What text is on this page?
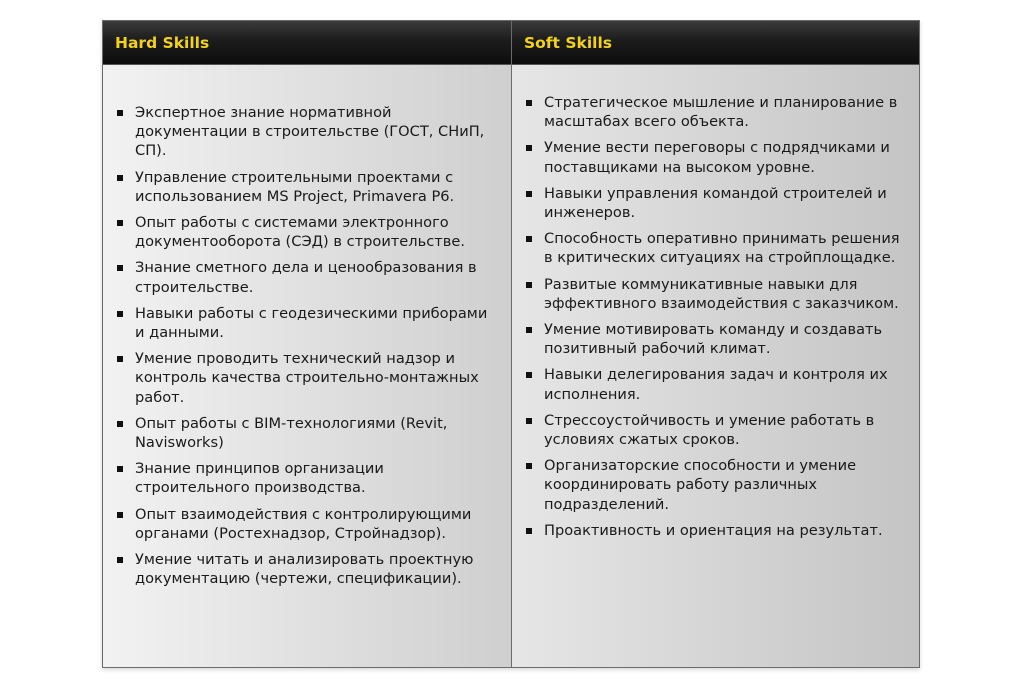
Hard Skills
Экспертное знание нормативной документации в строительстве (ГОСТ, СНиП, СП).
Управление строительными проектами с использованием MS Project, Primavera P6.
Опыт работы с системами электронного документооборота (СЭД) в строительстве.
Знание сметного дела и ценообразования в строительстве.
Навыки работы с геодезическими приборами и данными.
Умение проводить технический надзор и контроль качества строительно-монтажных работ.
Опыт работы с BIM-технологиями (Revit, Navisworks)
Знание принципов организации строительного производства.
Опыт взаимодействия с контролирующими органами (Ростехнадзор, Стройнадзор).
Умение читать и анализировать проектную документацию (чертежи, спецификации).
Soft Skills
Стратегическое мышление и планирование в масштабах всего объекта.
Умение вести переговоры с подрядчиками и поставщиками на высоком уровне.
Навыки управления командой строителей и инженеров.
Способность оперативно принимать решения в критических ситуациях на стройплощадке.
Развитые коммуникативные навыки для эффективного взаимодействия с заказчиком.
Умение мотивировать команду и создавать позитивный рабочий климат.
Навыки делегирования задач и контроля их исполнения.
Стрессоустойчивость и умение работать в условиях сжатых сроков.
Организаторские способности и умение координировать работу различных подразделений.
Проактивность и ориентация на результат.
